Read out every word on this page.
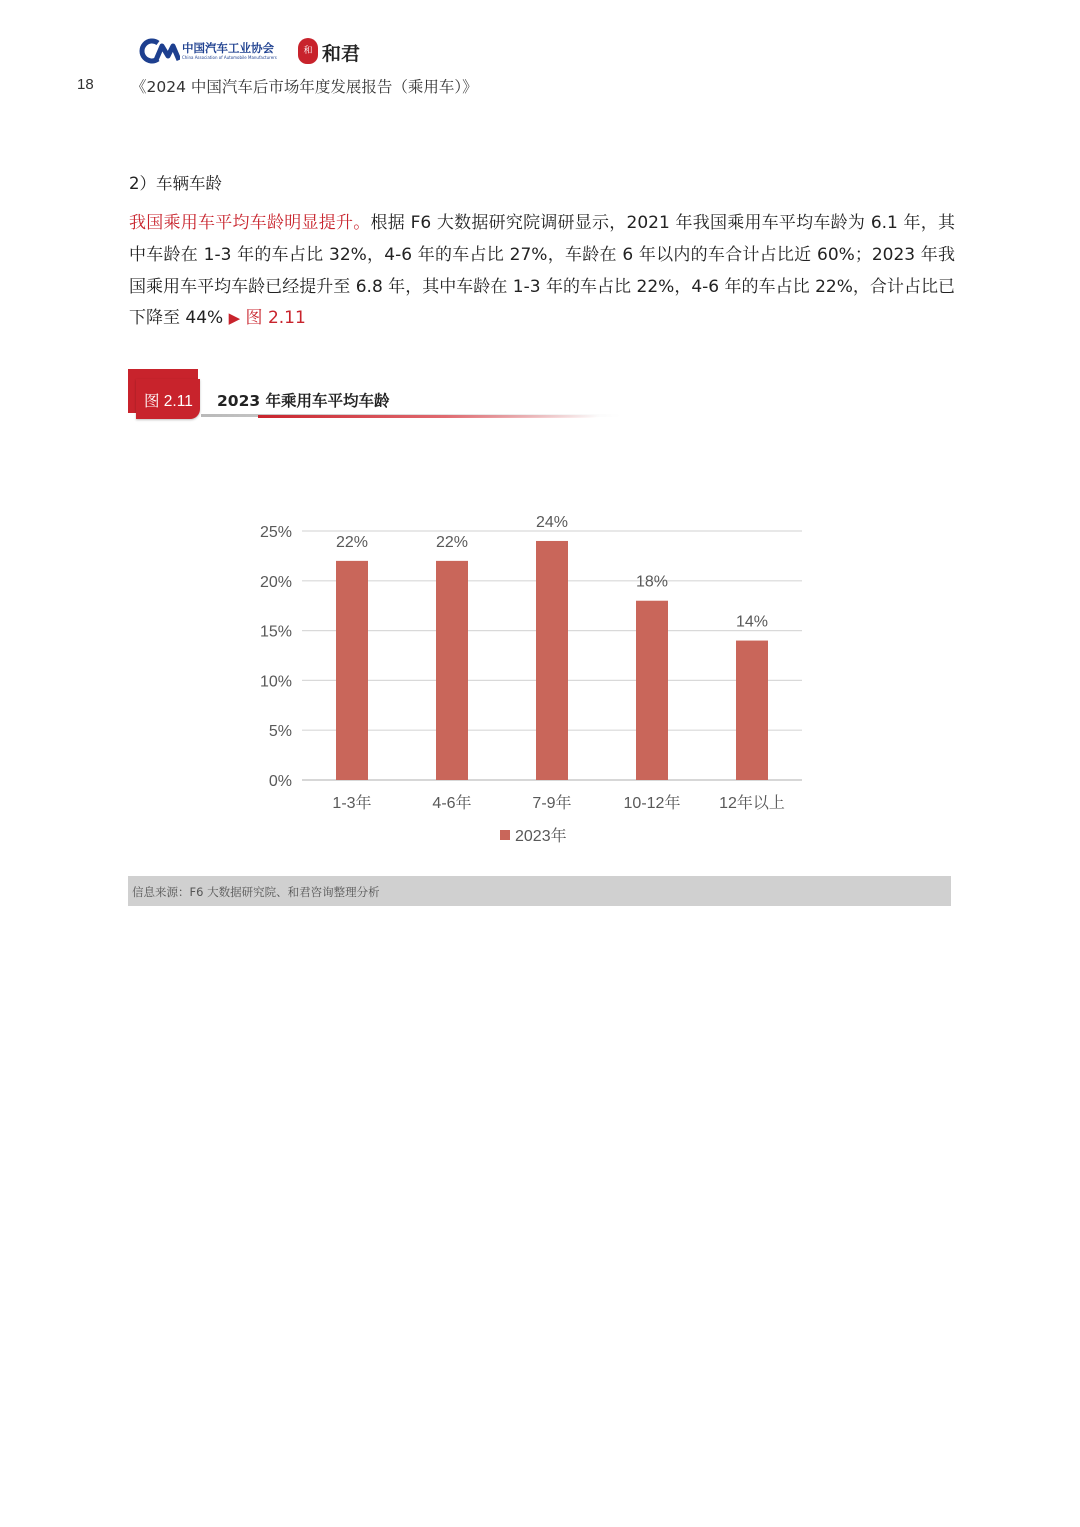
中国汽车工业协会
China Association of Automobile Manufacturers
和 和君
18 《2024 中国汽车后市场年度发展报告（乘用车）》
2）车辆车龄
我国乘用车平均车龄明显提升。根据 F6 大数据研究院调研显示，2021 年我国乘用车平均车龄为 6.1 年，其中车龄在 1-3 年的车占比 32%，4-6 年的车占比 27%，车龄在 6 年以内的车合计占比近 60%；2023 年我国乘用车平均车龄已经提升至 6.8 年，其中车龄在 1-3 年的车占比 22%，4-6 年的车占比 22%，合计占比已下降至 44% ▶ 图 2.11
图 2.11 2023 年乘用车平均车龄
0%
5%
10%
15%
20%
25%
22%
1-3年
22%
4-6年
24%
7-9年
18%
10-12年
14%
12年以上
2023年
信息来源：F6 大数据研究院、和君咨询整理分析
